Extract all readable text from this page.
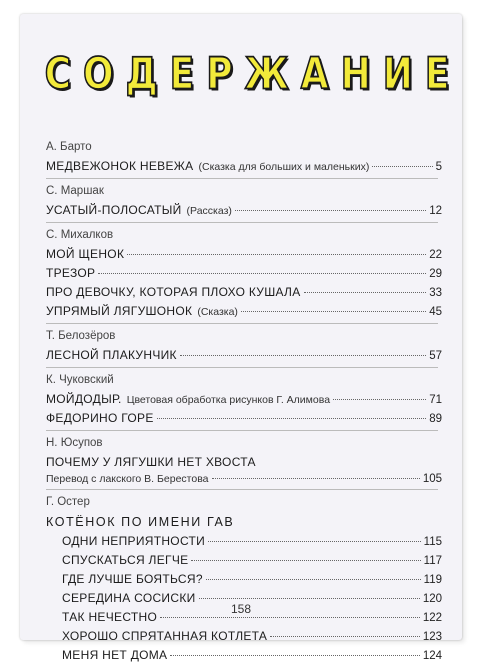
СОДЕРЖАНИЕ
А. Барто
МЕДВЕЖОНОК НЕВЕЖА (Сказка для больших и маленьких)	5
С. Маршак
УСАТЫЙ-ПОЛОСАТЫЙ (Рассказ)	12
С. Михалков
МОЙ ЩЕНОК	22
ТРЕЗОР	29
ПРО ДЕВОЧКУ, КОТОРАЯ ПЛОХО КУШАЛА	33
УПРЯМЫЙ ЛЯГУШОНОК (Сказка)	45
Т. Белозёров
ЛЕСНОЙ ПЛАКУНЧИК	57
К. Чуковский
МОЙДОДЫР. Цветовая обработка рисунков Г. Алимова	71
ФЕДОРИНО ГОРЕ	89
Н. Юсупов
ПОЧЕМУ У ЛЯГУШКИ НЕТ ХВОСТА
Перевод с лакского В. Берестова	105
Г. Остер
КОТЁНОК ПО ИМЕНИ ГАВ
ОДНИ НЕПРИЯТНОСТИ	115
СПУСКАТЬСЯ ЛЕГЧЕ	117
ГДЕ ЛУЧШЕ БОЯТЬСЯ?	119
СЕРЕДИНА СОСИСКИ	120
ТАК НЕЧЕСТНО	122
ХОРОШО СПРЯТАННАЯ КОТЛЕТА	123
МЕНЯ НЕТ ДОМА	124
158
